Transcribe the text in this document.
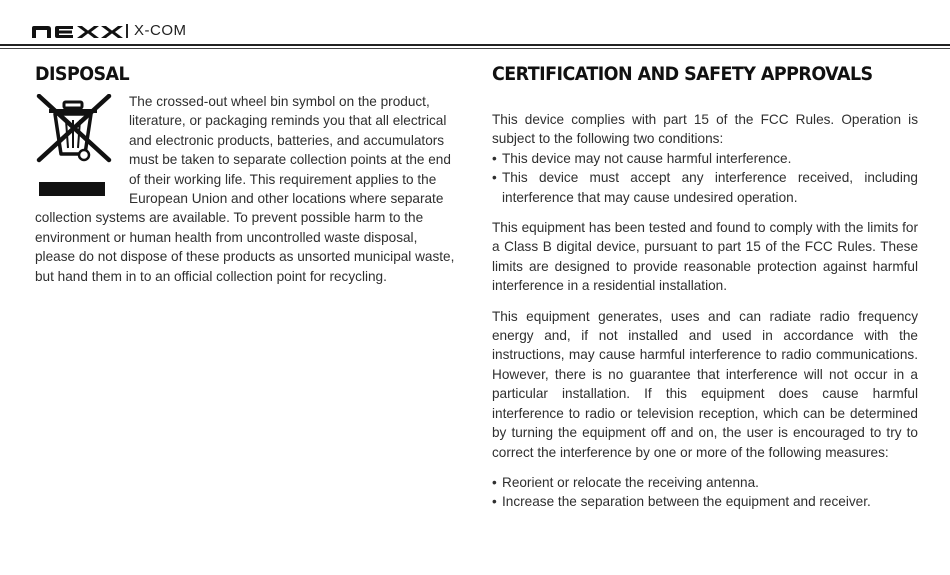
X-COM
DISPOSAL

The crossed-out wheel bin symbol on the product, literature, or packaging reminds you that all electrical and electronic products, batteries, and accumulators must be taken to separate collection points at the end of their working life. This requirement applies to the European Union and other locations where separate collection systems are available. To prevent possible harm to the environment or human health from uncontrolled waste disposal, please do not dispose of these products as unsorted municipal waste, but hand them in to an official collection point for recycling.

CERTIFICATION AND SAFETY APPROVALS

This device complies with part 15 of the FCC Rules. Operation is subject to the following two conditions:

• This device may not cause harmful interference.
• This device must accept any interference received, including interference that may cause undesired operation.

This equipment has been tested and found to comply with the limits for a Class B digital device, pursuant to part 15 of the FCC Rules. These limits are designed to provide reasonable protection against harmful interference in a residential installation.

This equipment generates, uses and can radiate radio frequency energy and, if not installed and used in accordance with the instructions, may cause harmful interference to radio communications. However, there is no guarantee that interference will not occur in a particular installation. If this equipment does cause harmful interference to radio or television reception, which can be determined by turning the equipment off and on, the user is encouraged to try to correct the interference by one or more of the following measures:

• Reorient or relocate the receiving antenna.
• Increase the separation between the equipment and receiver.
